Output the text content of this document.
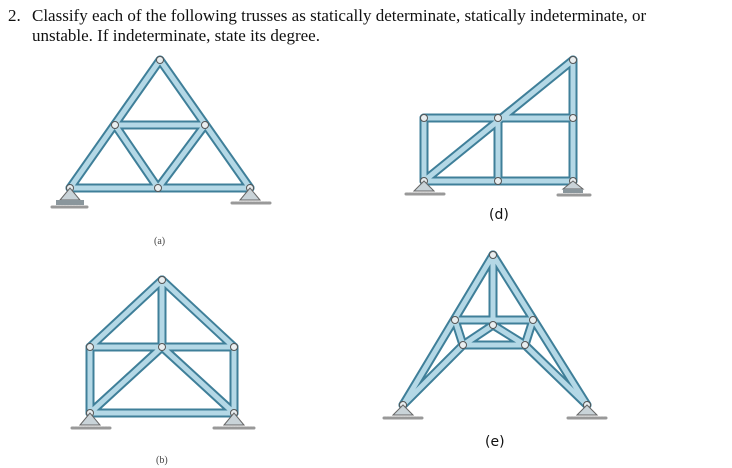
2. Classify each of the following trusses as statically determinate, statically indeterminate, or
unstable. If indeterminate, state its degree.

(a)
(b)
(d)
(e)
